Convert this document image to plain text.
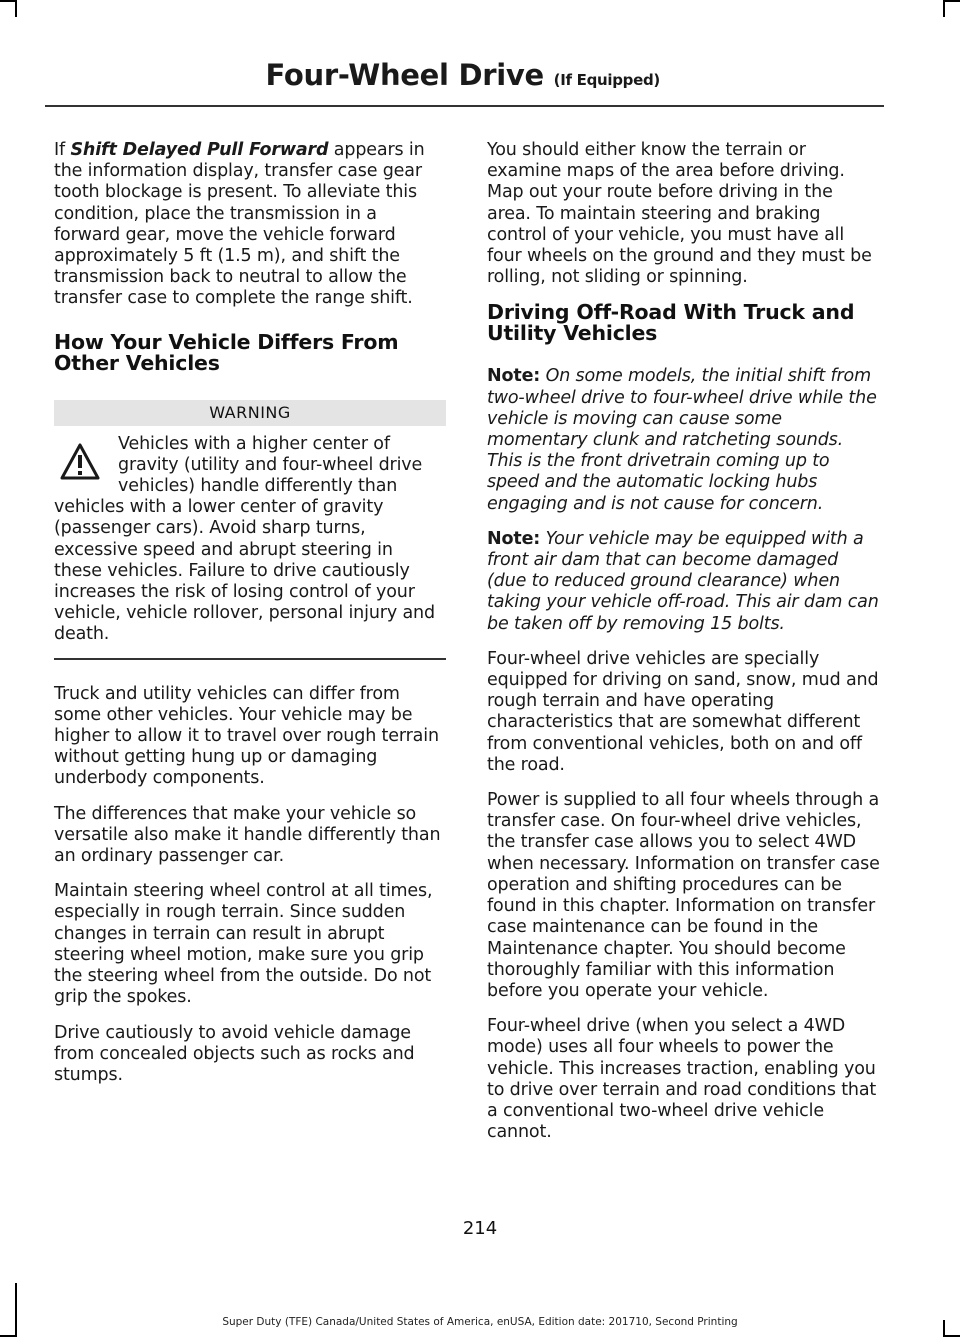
Four-Wheel Drive (If Equipped)

If Shift Delayed Pull Forward appears in the information display, transfer case gear tooth blockage is present. To alleviate this condition, place the transmission in a forward gear, move the vehicle forward approximately 5 ft (1.5 m), and shift the transmission back to neutral to allow the transfer case to complete the range shift.

How Your Vehicle Differs From Other Vehicles
WARNING
Vehicles with a higher center of gravity (utility and four-wheel drive vehicles) handle differently than vehicles with a lower center of gravity (passenger cars). Avoid sharp turns, excessive speed and abrupt steering in these vehicles. Failure to drive cautiously increases the risk of losing control of your vehicle, vehicle rollover, personal injury and death.

Truck and utility vehicles can differ from some other vehicles. Your vehicle may be higher to allow it to travel over rough terrain without getting hung up or damaging underbody components.

The differences that make your vehicle so versatile also make it handle differently than an ordinary passenger car.

Maintain steering wheel control at all times, especially in rough terrain. Since sudden changes in terrain can result in abrupt steering wheel motion, make sure you grip the steering wheel from the outside. Do not grip the spokes.

Drive cautiously to avoid vehicle damage from concealed objects such as rocks and stumps.

You should either know the terrain or examine maps of the area before driving. Map out your route before driving in the area. To maintain steering and braking control of your vehicle, you must have all four wheels on the ground and they must be rolling, not sliding or spinning.

Driving Off-Road With Truck and Utility Vehicles

Note: On some models, the initial shift from two-wheel drive to four-wheel drive while the vehicle is moving can cause some momentary clunk and ratcheting sounds. This is the front drivetrain coming up to speed and the automatic locking hubs engaging and is not cause for concern.

Note: Your vehicle may be equipped with a front air dam that can become damaged (due to reduced ground clearance) when taking your vehicle off-road. This air dam can be taken off by removing 15 bolts.

Four-wheel drive vehicles are specially equipped for driving on sand, snow, mud and rough terrain and have operating characteristics that are somewhat different from conventional vehicles, both on and off the road.

Power is supplied to all four wheels through a transfer case. On four-wheel drive vehicles, the transfer case allows you to select 4WD when necessary. Information on transfer case operation and shifting procedures can be found in this chapter. Information on transfer case maintenance can be found in the Maintenance chapter. You should become thoroughly familiar with this information before you operate your vehicle.

Four-wheel drive (when you select a 4WD mode) uses all four wheels to power the vehicle. This increases traction, enabling you to drive over terrain and road conditions that a conventional two-wheel drive vehicle cannot.

214
Super Duty (TFE) Canada/United States of America, enUSA, Edition date: 201710, Second Printing
